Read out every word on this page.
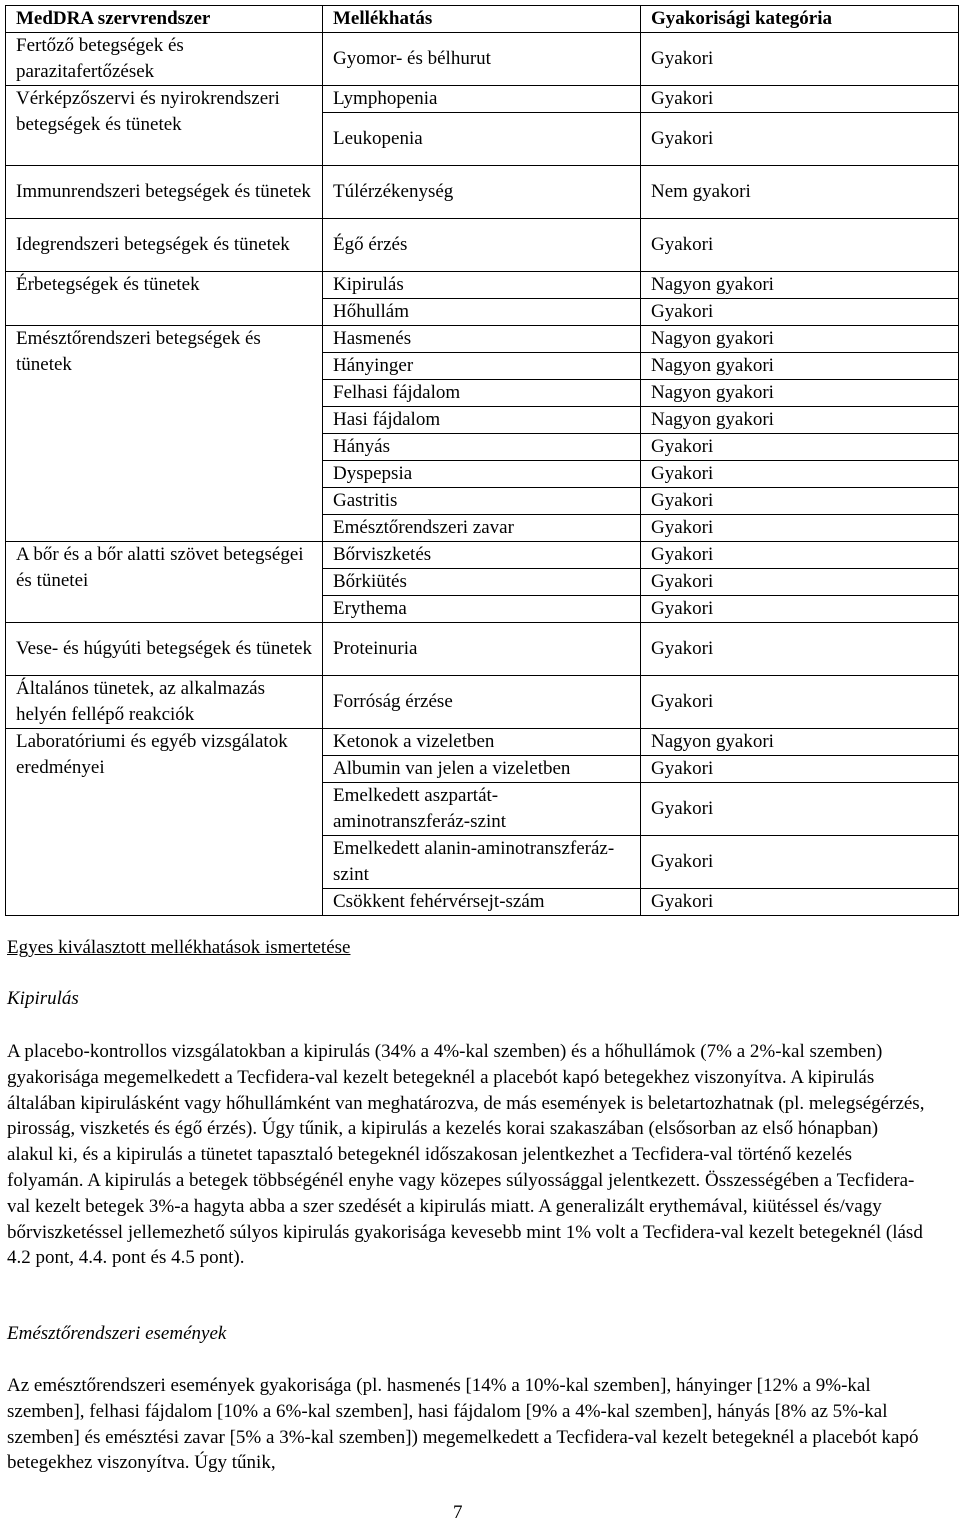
MedDRA szervrendszer	Mellékhatás	Gyakorisági kategória
Fertőző betegségek és parazitafertőzések	Gyomor- és bélhurut	Gyakori
Vérképzőszervi és nyirokrendszeri betegségek és tünetek	Lymphopenia	Gyakori
	Leukopenia	Gyakori
Immunrendszeri betegségek és tünetek	Túlérzékenység	Nem gyakori
Idegrendszeri betegségek és tünetek	Égő érzés	Gyakori
Érbetegségek és tünetek	Kipirulás	Nagyon gyakori
	Hőhullám	Gyakori
Emésztőrendszeri betegségek és tünetek	Hasmenés	Nagyon gyakori
	Hányinger	Nagyon gyakori
	Felhasi fájdalom	Nagyon gyakori
	Hasi fájdalom	Nagyon gyakori
	Hányás	Gyakori
	Dyspepsia	Gyakori
	Gastritis	Gyakori
	Emésztőrendszeri zavar	Gyakori
A bőr és a bőr alatti szövet betegségei és tünetei	Bőrviszketés	Gyakori
	Bőrkiütés	Gyakori
	Erythema	Gyakori
Vese- és húgyúti betegségek és tünetek	Proteinuria	Gyakori
Általános tünetek, az alkalmazás helyén fellépő reakciók	Forróság érzése	Gyakori
Laboratóriumi és egyéb vizsgálatok eredményei	Ketonok a vizeletben	Nagyon gyakori
	Albumin van jelen a vizeletben	Gyakori
	Emelkedett aszpartát-aminotranszferáz-szint	Gyakori
	Emelkedett alanin-aminotranszferáz-szint	Gyakori
	Csökkent fehérvérsejt-szám	Gyakori

Egyes kiválasztott mellékhatások ismertetése

Kipirulás

A placebo-kontrollos vizsgálatokban a kipirulás (34% a 4%-kal szemben) és a hőhullámok (7% a 2%-kal szemben) gyakorisága megemelkedett a Tecfidera-val kezelt betegeknél a placebót kapó betegekhez viszonyítva. A kipirulás általában kipirulásként vagy hőhullámként van meghatározva, de más események is beletartozhatnak (pl. melegségérzés, pirosság, viszketés és égő érzés). Úgy tűnik, a kipirulás a kezelés korai szakaszában (elsősorban az első hónapban) alakul ki, és a kipirulás a tünetet tapasztaló betegeknél időszakosan jelentkezhet a Tecfidera-val történő kezelés folyamán. A kipirulás a betegek többségénél enyhe vagy közepes súlyossággal jelentkezett. Összességében a Tecfidera-val kezelt betegek 3%-a hagyta abba a szer szedését a kipirulás miatt. A generalizált erythemával, kiütéssel és/vagy bőrviszketéssel jellemezhető súlyos kipirulás gyakorisága kevesebb mint 1% volt a Tecfidera-val kezelt betegeknél (lásd 4.2 pont, 4.4. pont és 4.5 pont).

Emésztőrendszeri események

Az emésztőrendszeri események gyakorisága (pl. hasmenés [14% a 10%-kal szemben], hányinger [12% a 9%-kal szemben], felhasi fájdalom [10% a 6%-kal szemben], hasi fájdalom [9% a 4%-kal szemben], hányás [8% az 5%-kal szemben] és emésztési zavar [5% a 3%-kal szemben]) megemelkedett a Tecfidera-val kezelt betegeknél a placebót kapó betegekhez viszonyítva. Úgy tűnik,

7
